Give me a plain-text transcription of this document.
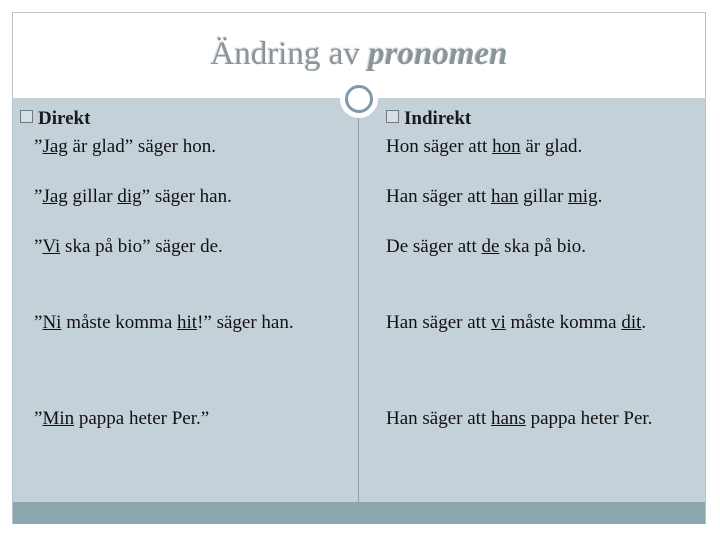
Ändring av pronomen
Direkt	Indirekt
”Jag är glad” säger hon.	Hon säger att hon är glad.
”Jag gillar dig” säger han.	Han säger att han gillar mig.
”Vi ska på bio” säger de.	De säger att de ska på bio.
”Ni måste komma hit!” säger han.	Han säger att vi måste komma dit.
”Min pappa heter Per.”	Han säger att hans pappa heter Per.
